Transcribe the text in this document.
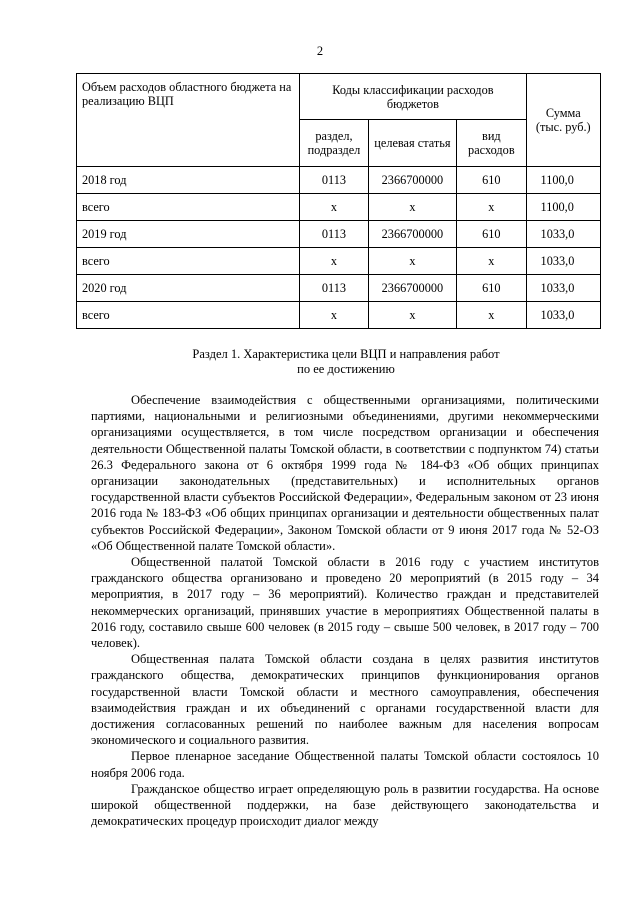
2
Объем расходов областного бюджета на реализацию ВЦП	Коды классификации расходов бюджетов			Сумма (тыс. руб.)
	раздел, подраздел	целевая статья	вид расходов	
2018 год	0113	2366700000	610	1100,0
всего	х	х	х	1100,0
2019 год	0113	2366700000	610	1033,0
всего	х	х	х	1033,0
2020 год	0113	2366700000	610	1033,0
всего	х	х	х	1033,0
Раздел 1. Характеристика цели ВЦП и направления работ
по ее достижению

Обеспечение взаимодействия с общественными организациями, политическими партиями, национальными и религиозными объединениями, другими некоммерческими организациями осуществляется, в том числе посредством организации и обеспечения деятельности Общественной палаты Томской области, в соответствии с подпунктом 74) статьи 26.3 Федерального закона от 6 октября 1999 года № 184-ФЗ «Об общих принципах организации законодательных (представительных) и исполнительных органов государственной власти субъектов Российской Федерации», Федеральным законом от 23 июня 2016 года № 183-ФЗ «Об общих принципах организации и деятельности общественных палат субъектов Российской Федерации», Законом Томской области от 9 июня 2017 года № 52-ОЗ «Об Общественной палате Томской области».

Общественной палатой Томской области в 2016 году с участием институтов гражданского общества организовано и проведено 20 мероприятий (в 2015 году – 34 мероприятия, в 2017 году – 36 мероприятий). Количество граждан и представителей некоммерческих организаций, принявших участие в мероприятиях Общественной палаты в 2016 году, составило свыше 600 человек (в 2015 году – свыше 500 человек, в 2017 году – 700 человек).

Общественная палата Томской области создана в целях развития институтов гражданского общества, демократических принципов функционирования органов государственной власти Томской области и местного самоуправления, обеспечения взаимодействия граждан и их объединений с органами государственной власти для достижения согласованных решений по наиболее важным для населения вопросам экономического и социального развития.

Первое пленарное заседание Общественной палаты Томской области состоялось 10 ноября 2006 года.

Гражданское общество играет определяющую роль в развитии государства. На основе широкой общественной поддержки, на базе действующего законодательства и демократических процедур происходит диалог между
